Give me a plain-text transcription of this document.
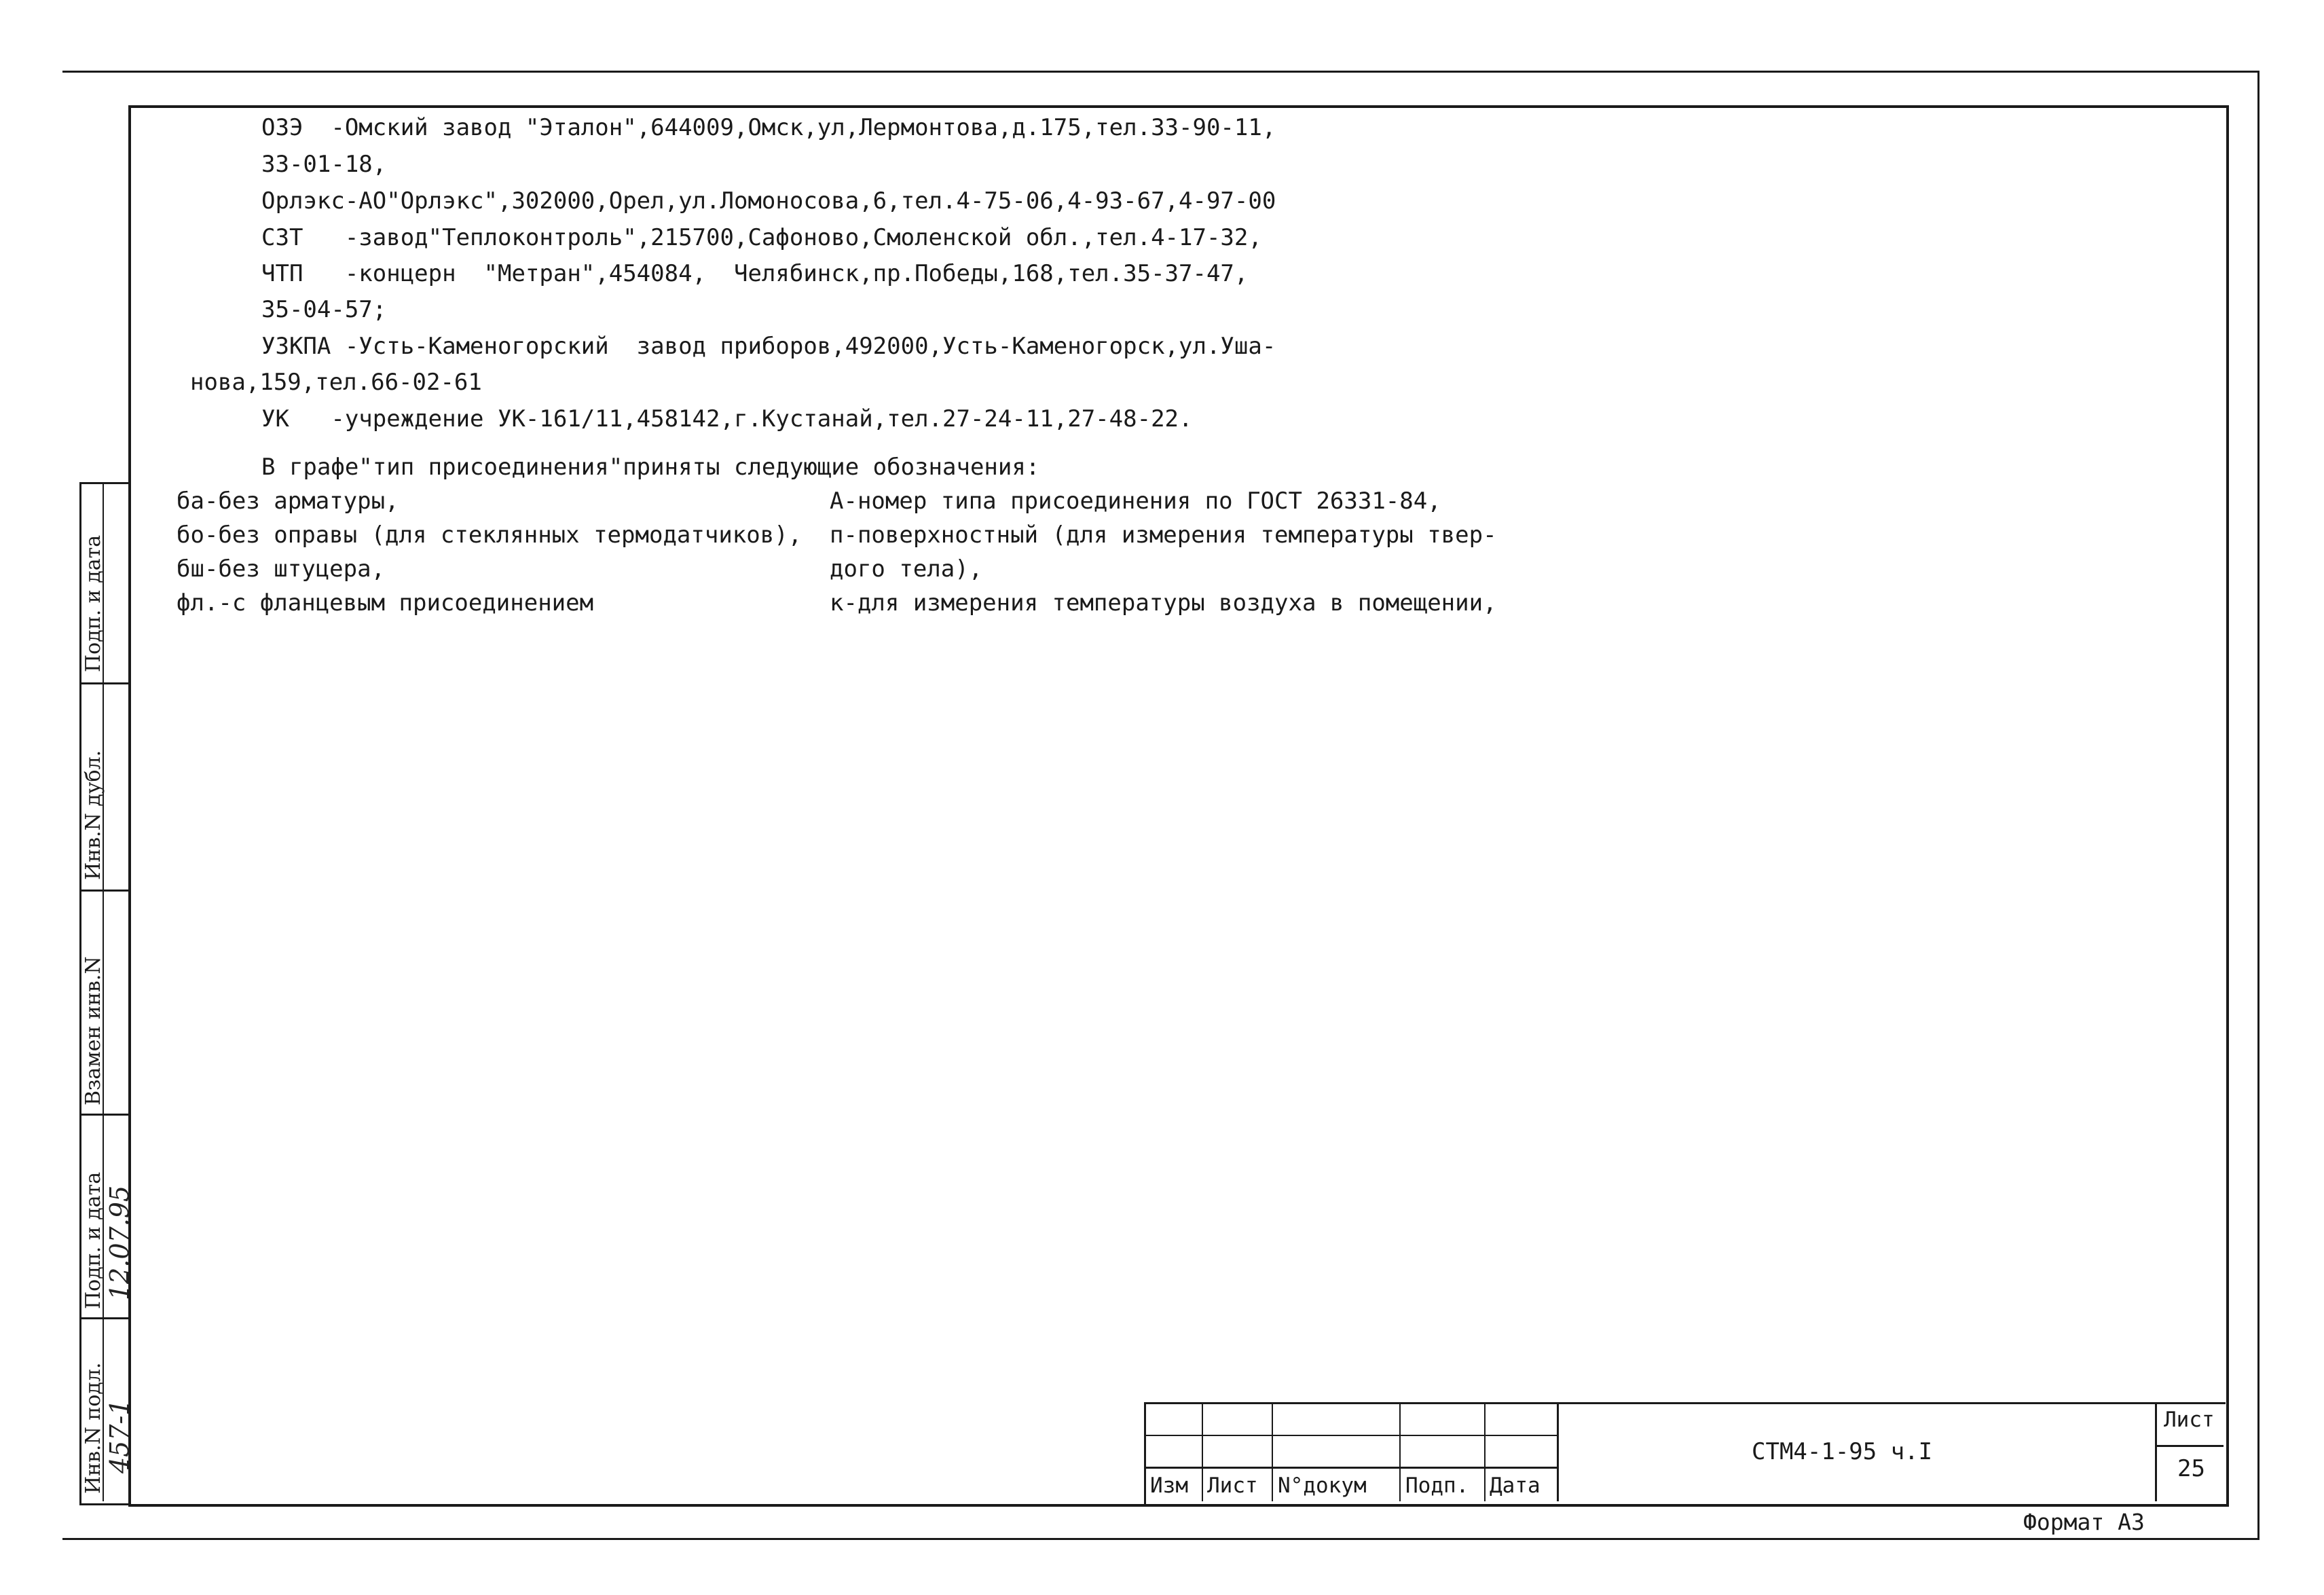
Подп. и дата
Инв.N дубл.
Взамен инв.N
Подп. и дата
Инв.N подл.
12.07.95
457-1
ОЗЭ  -Омский завод "Эталон",644009,Омск,ул,Лермонтова,д.175,тел.33-90-11,
33-01-18,
Орлэкс-АО"Орлэкс",302000,Орел,ул.Ломоносова,6,тел.4-75-06,4-93-67,4-97-00
СЗТ   -завод"Теплоконтроль",215700,Сафоново,Смоленской обл.,тел.4-17-32,
ЧТП   -концерн  "Метран",454084,  Челябинск,пр.Победы,168,тел.35-37-47,
35-04-57;
УЗКПА -Усть-Каменогорский  завод приборов,492000,Усть-Каменогорск,ул.Уша-
нова,159,тел.66-02-61
УК   -учреждение УК-161/11,458142,г.Кустанай,тел.27-24-11,27-48-22.
В графе"тип присоединения"приняты следующие обозначения:
ба-без арматуры,
бо-без оправы (для стеклянных термодатчиков),
бш-без штуцера,
фл.-с фланцевым присоединением
А-номер типа присоединения по ГОСТ 26331-84,
п-поверхностный (для измерения температуры твер-
дого тела),
к-для измерения температуры воздуха в помещении,
Изм Лист N°докум Подп. Дата
СТМ4-1-95 ч.I
Лист
25
Формат А3
